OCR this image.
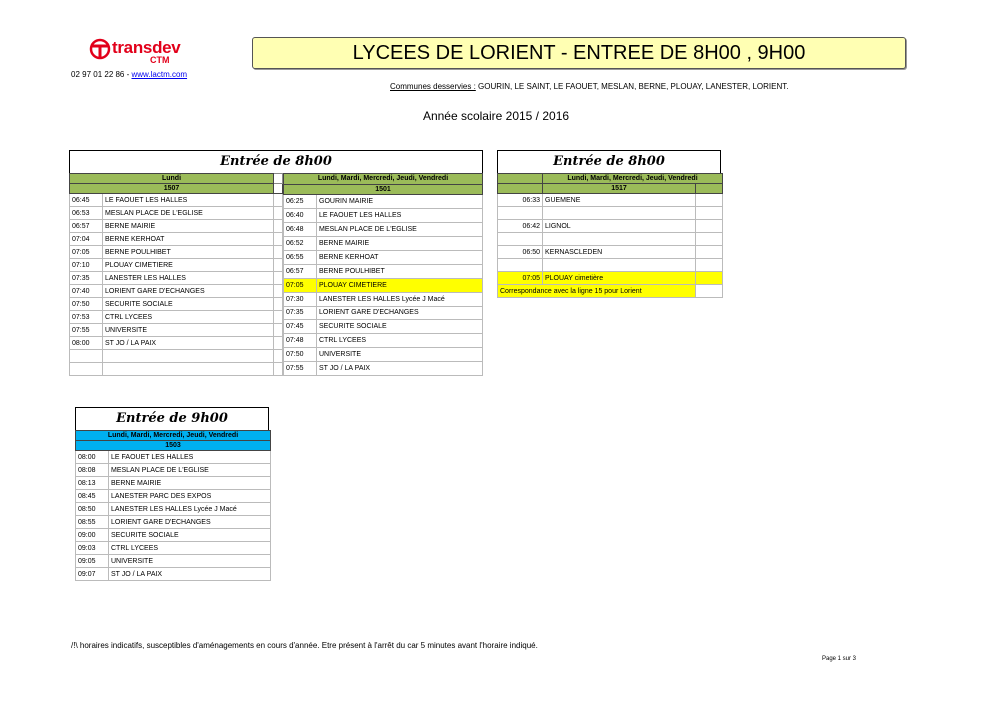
transdev
CTM
02 97 01 22 86 - www.lactm.com
LYCEES DE LORIENT - ENTREE DE 8H00 , 9H00
Communes desservies : GOURIN, LE SAINT, LE FAOUET, MESLAN, BERNE, PLOUAY, LANESTER, LORIENT.
Année scolaire 2015 / 2016
Entrée de 8h00
Lundi		
1507		
06:45	LE FAOUET LES HALLES	
06:53	MESLAN PLACE DE L'EGLISE	
06:57	BERNE MAIRIE	
07:04	BERNE KERHOAT	
07:05	BERNE POULHIBET	
07:10	PLOUAY CIMETIERE	
07:35	LANESTER LES HALLES	
07:40	LORIENT GARE D'ECHANGES	
07:50	SECURITE SOCIALE	
07:53	CTRL LYCEES	
07:55	UNIVERSITE	
08:00	ST JO / LA PAIX	

Lundi, Mardi, Mercredi, Jeudi, Vendredi	
1501	
06:25	GOURIN MAIRIE
06:40	LE FAOUET LES HALLES
06:48	MESLAN PLACE DE L'EGLISE
06:52	BERNE MAIRIE
06:55	BERNE KERHOAT
06:57	BERNE POULHIBET
07:05	PLOUAY CIMETIERE
07:30	LANESTER LES HALLES Lycée J Macé
07:35	LORIENT GARE D'ECHANGES
07:45	SECURITE SOCIALE
07:48	CTRL LYCEES
07:50	UNIVERSITE
07:55	ST JO / LA PAIX
Entrée de 8h00
	Lundi, Mardi, Mercredi, Jeudi, Vendredi	
	1517	
06:33	GUEMENE	

06:42	LIGNOL	

06:50	KERNASCLEDEN	

07:05	PLOUAY cimetière	
Correspondance avec la ligne 15 pour Lorient		
Entrée de 9h00
Lundi, Mardi, Mercredi, Jeudi, Vendredi	
1503	
08:00	LE FAOUET LES HALLES
08:08	MESLAN PLACE DE L'EGLISE
08:13	BERNE MAIRIE
08:45	LANESTER PARC DES EXPOS
08:50	LANESTER LES HALLES Lycée J Macé
08:55	LORIENT GARE D'ECHANGES
09:00	SECURITE SOCIALE
09:03	CTRL LYCEES
09:05	UNIVERSITE
09:07	ST JO / LA PAIX
/!\ horaires indicatifs, susceptibles d'aménagements en cours d'année. Etre présent à l'arrêt du car 5 minutes avant l'horaire indiqué.
Page 1 sur 3
